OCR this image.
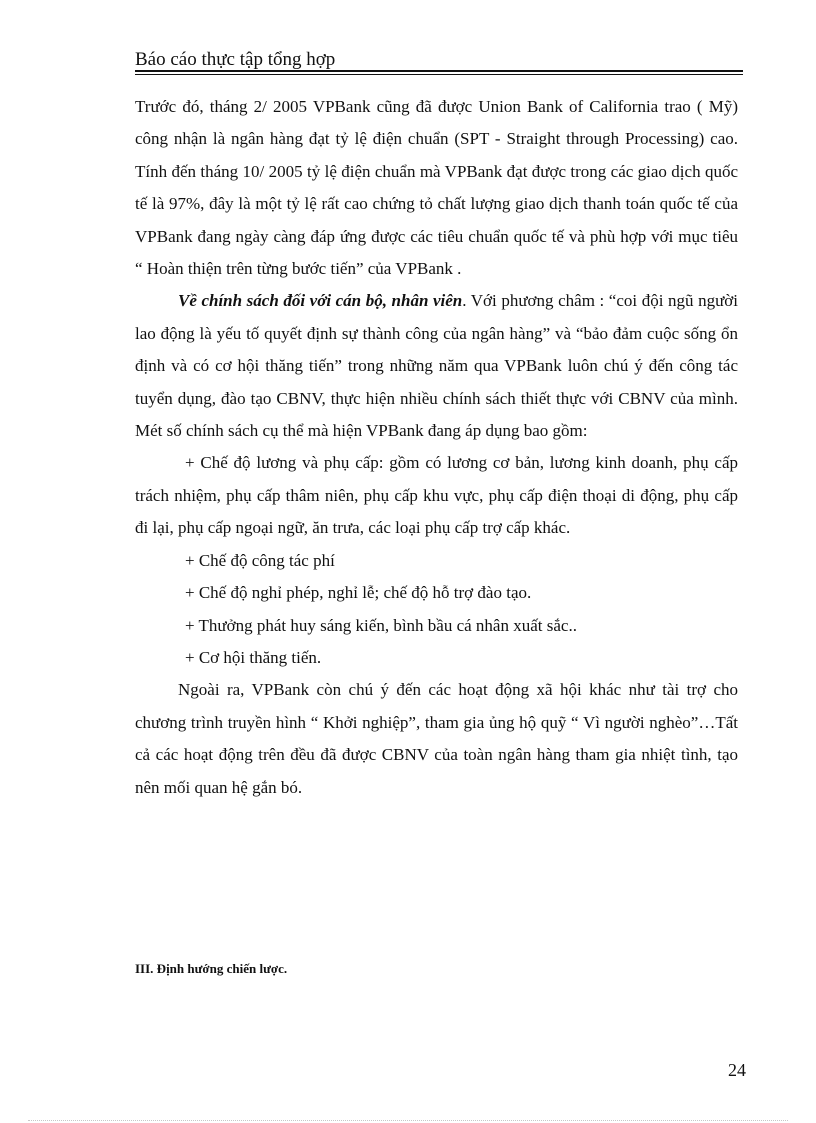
Báo cáo thực tập tổng hợp

Trước đó, tháng 2/ 2005 VPBank cũng đã được Union Bank of California trao ( Mỹ) công nhận là ngân hàng đạt tỷ lệ điện chuẩn (SPT - Straight through Processing) cao. Tính đến tháng 10/ 2005 tỷ lệ điện chuẩn mà VPBank đạt được trong các giao dịch quốc tế là 97%, đây là một tỷ lệ rất cao chứng tỏ chất lượng giao dịch thanh toán quốc tế của VPBank đang ngày càng đáp ứng được các tiêu chuẩn quốc tế và phù hợp với mục tiêu “ Hoàn thiện trên từng bước tiến” của VPBank .

Về chính sách đối với cán bộ, nhân viên. Với phương châm : “coi đội ngũ người lao động là yếu tố quyết định sự thành công của ngân hàng” và “bảo đảm cuộc sống ổn định và có cơ hội thăng tiến” trong những năm qua VPBank luôn chú ý đến công tác tuyển dụng, đào tạo CBNV, thực hiện nhiều chính sách thiết thực với CBNV của mình. Mét số chính sách cụ thể mà hiện VPBank đang áp dụng bao gồm:

+ Chế độ lương và phụ cấp: gồm có lương cơ bản, lương kinh doanh, phụ cấp trách nhiệm, phụ cấp thâm niên, phụ cấp khu vực, phụ cấp điện thoại di động, phụ cấp đi lại, phụ cấp ngoại ngữ, ăn trưa, các loại phụ cấp trợ cấp khác.

+ Chế độ công tác phí

+ Chế độ nghỉ phép, nghỉ lễ; chế độ hỗ trợ đào tạo.

+ Thưởng phát huy sáng kiến, bình bầu cá nhân xuất sắc..

+ Cơ hội thăng tiến.

Ngoài ra, VPBank còn chú ý đến các hoạt động xã hội khác như tài trợ cho chương trình truyền hình “ Khởi nghiệp”, tham gia ủng hộ quỹ “ Vì người nghèo”…Tất cả các hoạt động trên đều đã được CBNV của toàn ngân hàng tham gia nhiệt tình, tạo nên mối quan hệ gắn bó.

III. Định hướng chiến lược.
24
